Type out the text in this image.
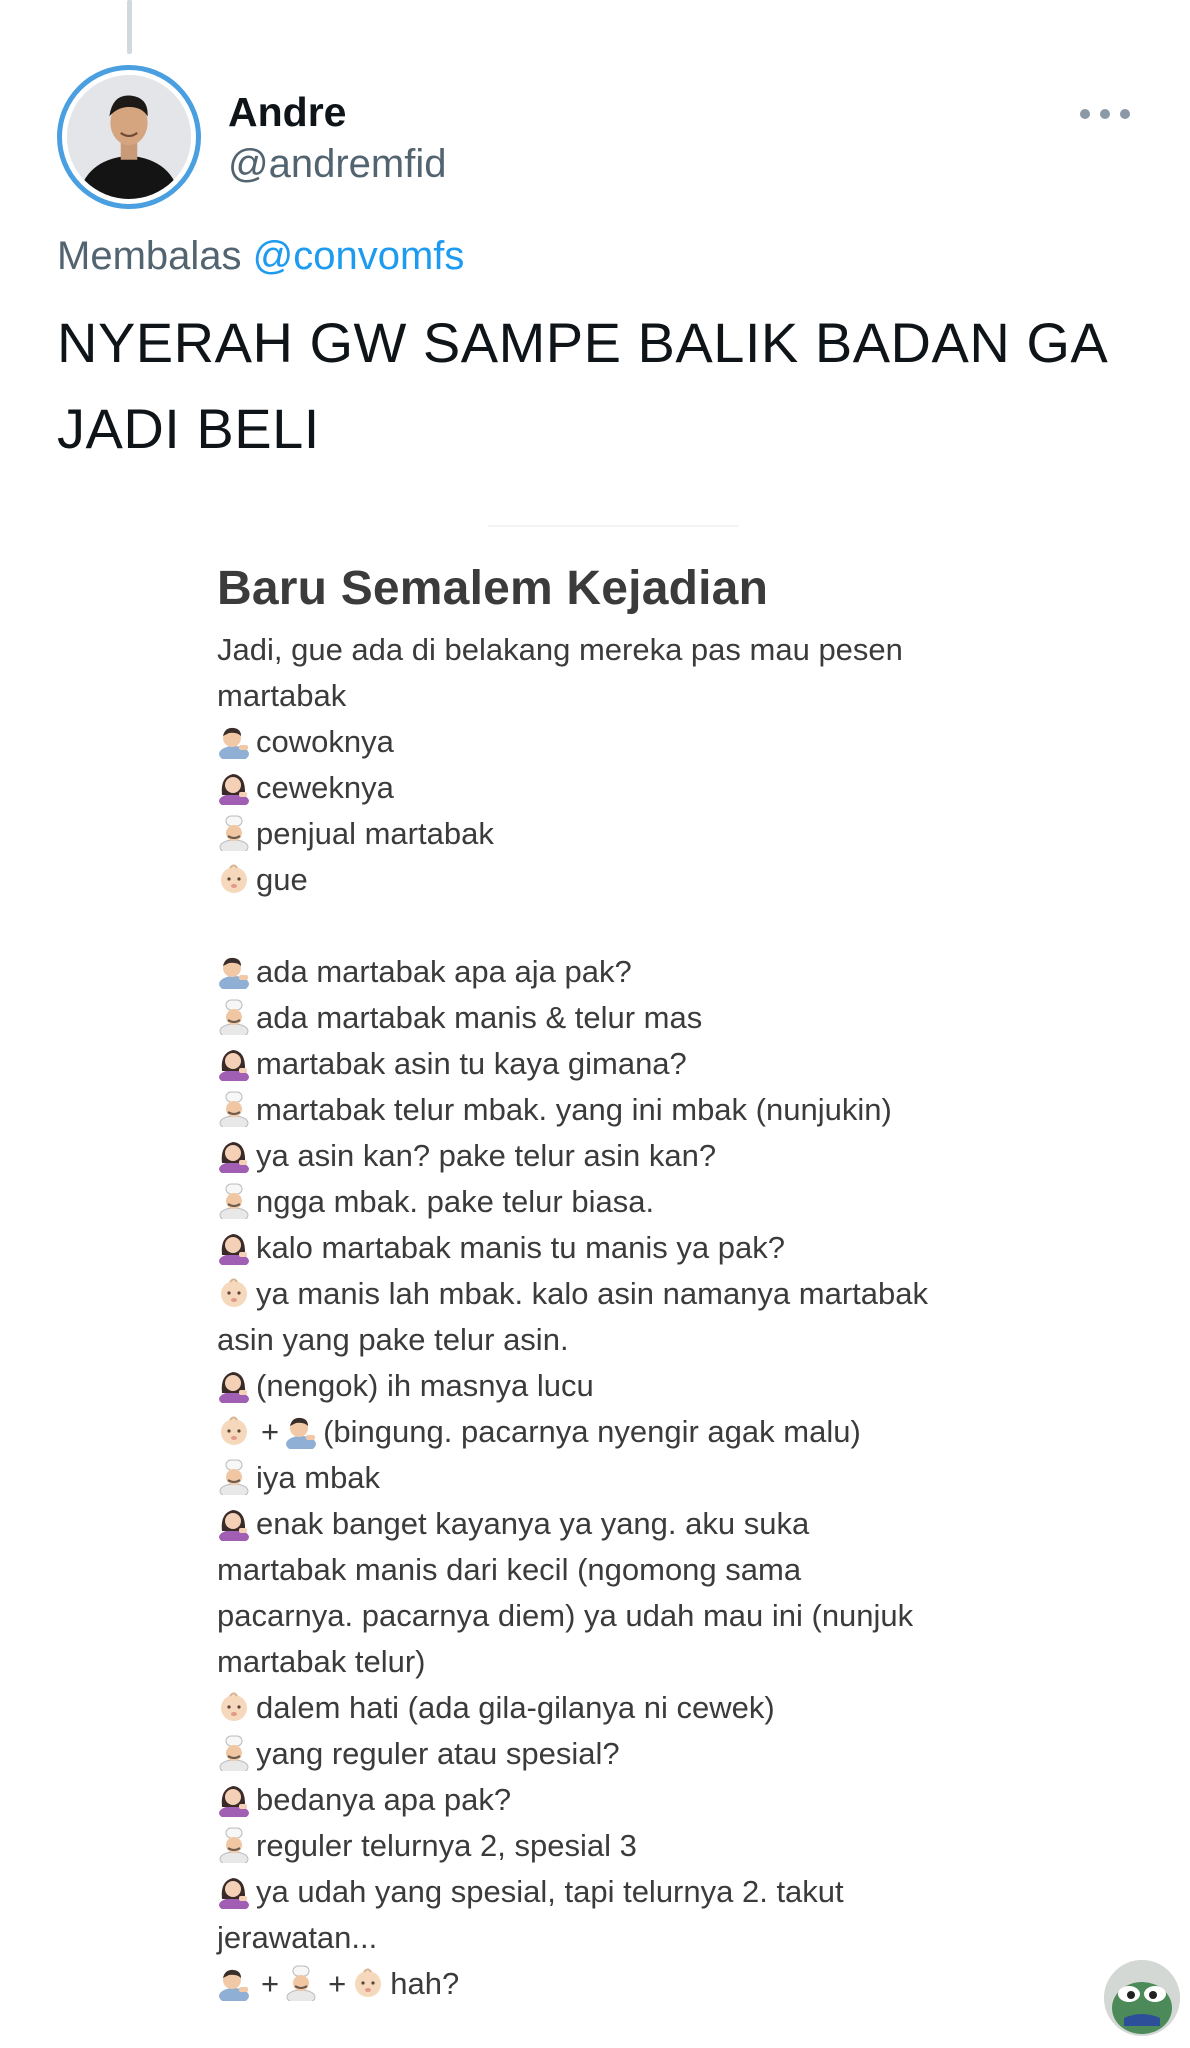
Andre
@andremfid
Membalas @convomfs
NYERAH GW SAMPE BALIK BADAN GA JADI BELI
Baru Semalem Kejadian
Jadi, gue ada di belakang mereka pas mau pesen
martabak
cowoknya
ceweknya
penjual martabak
gue
ada martabak apa aja pak?
ada martabak manis & telur mas
martabak asin tu kaya gimana?
martabak telur mbak. yang ini mbak (nunjukin)
ya asin kan? pake telur asin kan?
ngga mbak. pake telur biasa.
kalo martabak manis tu manis ya pak?
ya manis lah mbak. kalo asin namanya martabak
asin yang pake telur asin.
(nengok) ih masnya lucu
+ (bingung. pacarnya nyengir agak malu)
iya mbak
enak banget kayanya ya yang. aku suka
martabak manis dari kecil (ngomong sama
pacarnya. pacarnya diem) ya udah mau ini (nunjuk
martabak telur)
dalem hati (ada gila-gilanya ni cewek)
yang reguler atau spesial?
bedanya apa pak?
reguler telurnya 2, spesial 3
ya udah yang spesial, tapi telurnya 2. takut
jerawatan...
+ + hah?
